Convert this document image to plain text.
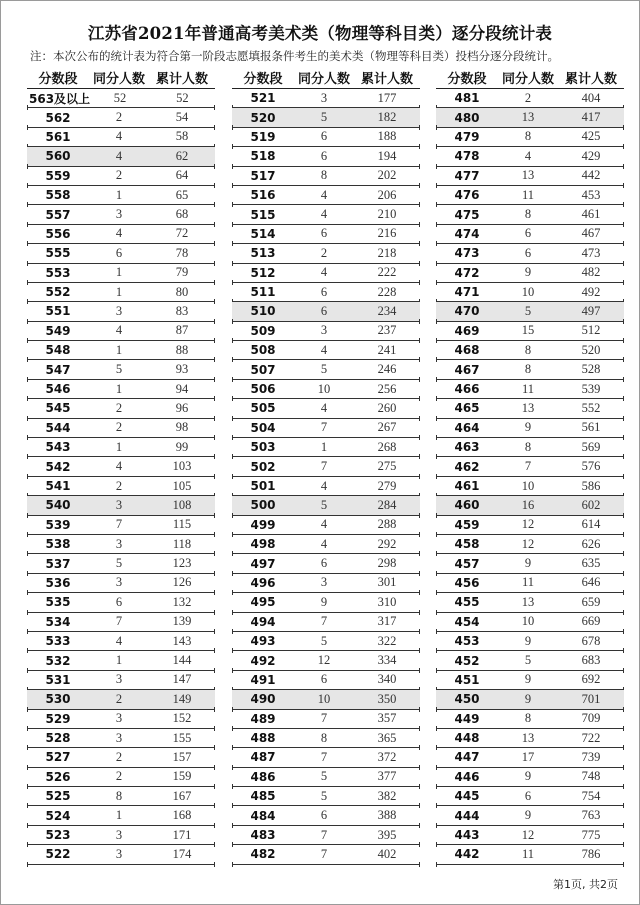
江苏省2021年普通高考美术类（物理等科目类）逐分段统计表
注：本次公布的统计表为符合第一阶段志愿填报条件考生的美术类（物理等科目类）投档分逐分段统计。
分数段	同分人数 累计人数
563及以上	52	52
562	2	54
561	4	58
560	4	62
559	2	64
558	1	65
557	3	68
556	4	72
555	6	78
553	1	79
552	1	80
551	3	83
549	4	87
548	1	88
547	5	93
546	1	94
545	2	96
544	2	98
543	1	99
542	4	103
541	2	105
540	3	108
539	7	115
538	3	118
537	5	123
536	3	126
535	6	132
534	7	139
533	4	143
532	1	144
531	3	147
530	2	149
529	3	152
528	3	155
527	2	157
526	2	159
525	8	167
524	1	168
523	3	171
522	3	174
分数段	同分人数 累计人数
521	3	177
520	5	182
519	6	188
518	6	194
517	8	202
516	4	206
515	4	210
514	6	216
513	2	218
512	4	222
511	6	228
510	6	234
509	3	237
508	4	241
507	5	246
506	10	256
505	4	260
504	7	267
503	1	268
502	7	275
501	4	279
500	5	284
499	4	288
498	4	292
497	6	298
496	3	301
495	9	310
494	7	317
493	5	322
492	12	334
491	6	340
490	10	350
489	7	357
488	8	365
487	7	372
486	5	377
485	5	382
484	6	388
483	7	395
482	7	402
分数段	同分人数 累计人数
481	2	404
480	13	417
479	8	425
478	4	429
477	13	442
476	11	453
475	8	461
474	6	467
473	6	473
472	9	482
471	10	492
470	5	497
469	15	512
468	8	520
467	8	528
466	11	539
465	13	552
464	9	561
463	8	569
462	7	576
461	10	586
460	16	602
459	12	614
458	12	626
457	9	635
456	11	646
455	13	659
454	10	669
453	9	678
452	5	683
451	9	692
450	9	701
449	8	709
448	13	722
447	17	739
446	9	748
445	6	754
444	9	763
443	12	775
442	11	786
第1页, 共2页
